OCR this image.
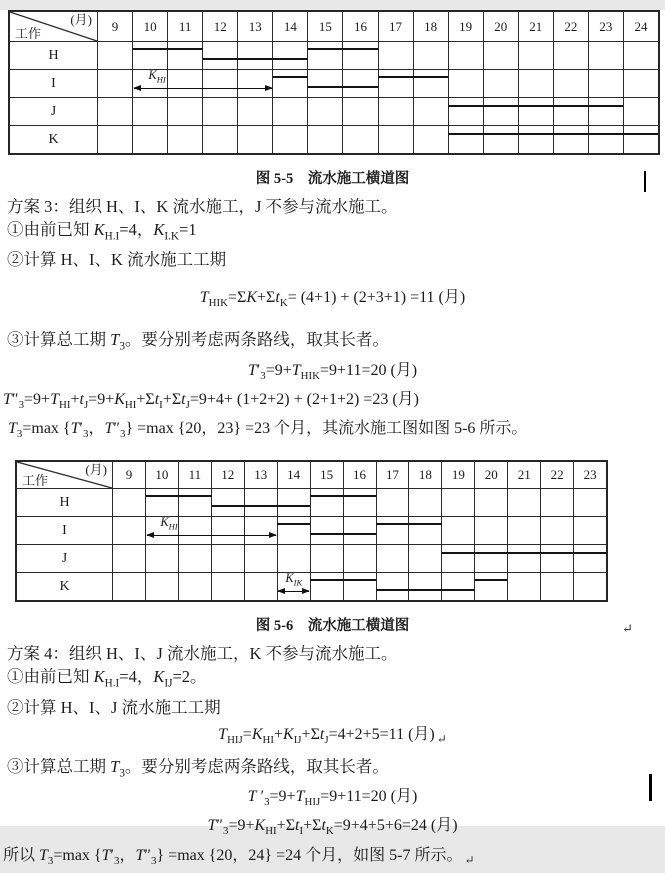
(月)
工作	9	10	11	12	13	14	15	16	17	18	19	20	21	22	23	24
H
I
$K_{HI}$
J
K
图 5-5　流水施工横道图
方案 3：组织 H、I、K 流水施工，J 不参与流水施工。
①由前已知 $K_{H.I}=4$，$K_{I.K}=1$
②计算 H、I、K 流水施工工期
$T_{HIK}=\Sigma K+\Sigma t_K= (4+1) + (2+3+1) =11$ (月)
③计算总工期 $T_3$。要分别考虑两条路线，取其长者。
$T'_3=9+T_{HIK}=9+11=20$ (月)
$T''_3=9+T_{HI}+t_J=9+K_{HI}+\Sigma t_I+\Sigma t_J=9+4+ (1+2+2) + (2+1+2) =23$ (月)
$T_3=\max$ {$T'_3$，$T''_3\} =\max$ {20，23} =23 个月，其流水施工图如图 5-6 所示。
(月)
工作	9	10	11	12	13	14	15	16	17	18	19	20	21	22	23
H
I
$K_{HI}$
J
K
$K_{IK}$
图 5-6　流水施工横道图	↵
方案 4：组织 H、I、J 流水施工，K 不参与流水施工。
①由前已知 $K_{H.I}=4$，$K_{IJ}=2$。
②计算 H、I、J 流水施工工期
$T_{HIJ}=K_{HI}+K_{IJ}+\Sigma t_J=4+2+5=11$ (月) $_↵$
③计算总工期 $T_3$。要分别考虑两条路线，取其长者。
T $'_3=9+T_{HIJ}=9+11=20$ (月)
$T''_3=9+K_{HI}+\Sigma t_I+\Sigma t_K=9+4+5+6=24$ (月)
所以 $T_3=\max$ {$T'_3$，$T''_3\} =\max$ {20，24} =24 个月，如图 5-7 所示。 $_↵$
